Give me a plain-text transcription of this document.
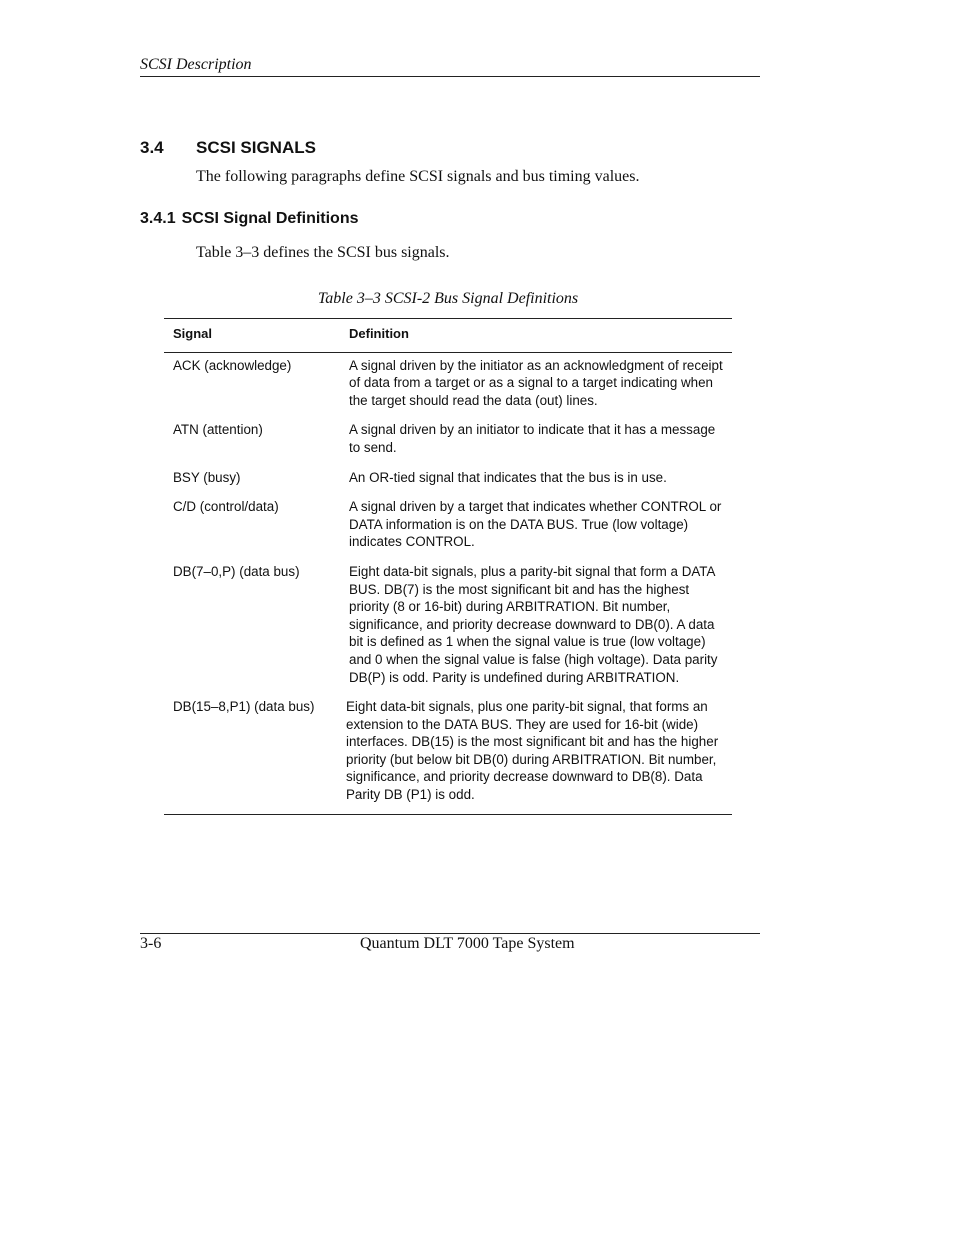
SCSI Description
3.4 SCSI SIGNALS
The following paragraphs define SCSI signals and bus timing values.
3.4.1 SCSI Signal Definitions
Table 3–3 defines the SCSI bus signals.
Table 3–3 SCSI-2 Bus Signal Definitions
Signal	Definition
ACK (acknowledge)	A signal driven by the initiator as an acknowledgment of receipt of data from a target or as a signal to a target indicating when the target should read the data (out) lines.
ATN (attention)	A signal driven by an initiator to indicate that it has a message to send.
BSY (busy)	An OR-tied signal that indicates that the bus is in use.
C/D (control/data)	A signal driven by a target that indicates whether CONTROL or DATA information is on the DATA BUS. True (low voltage) indicates CONTROL.
DB(7–0,P) (data bus)	Eight data-bit signals, plus a parity-bit signal that form a DATA BUS. DB(7) is the most significant bit and has the highest priority (8 or 16-bit) during ARBITRATION. Bit number, significance, and priority decrease downward to DB(0). A data bit is defined as 1 when the signal value is true (low voltage) and 0 when the signal value is false (high voltage). Data parity DB(P) is odd. Parity is undefined during ARBITRATION.
DB(15–8,P1) (data bus)	Eight data-bit signals, plus one parity-bit signal, that forms an extension to the DATA BUS. They are used for 16-bit (wide) interfaces. DB(15) is the most significant bit and has the higher priority (but below bit DB(0) during ARBITRATION. Bit number, significance, and priority decrease downward to DB(8). Data Parity DB (P1) is odd.
3-6	Quantum DLT 7000 Tape System
